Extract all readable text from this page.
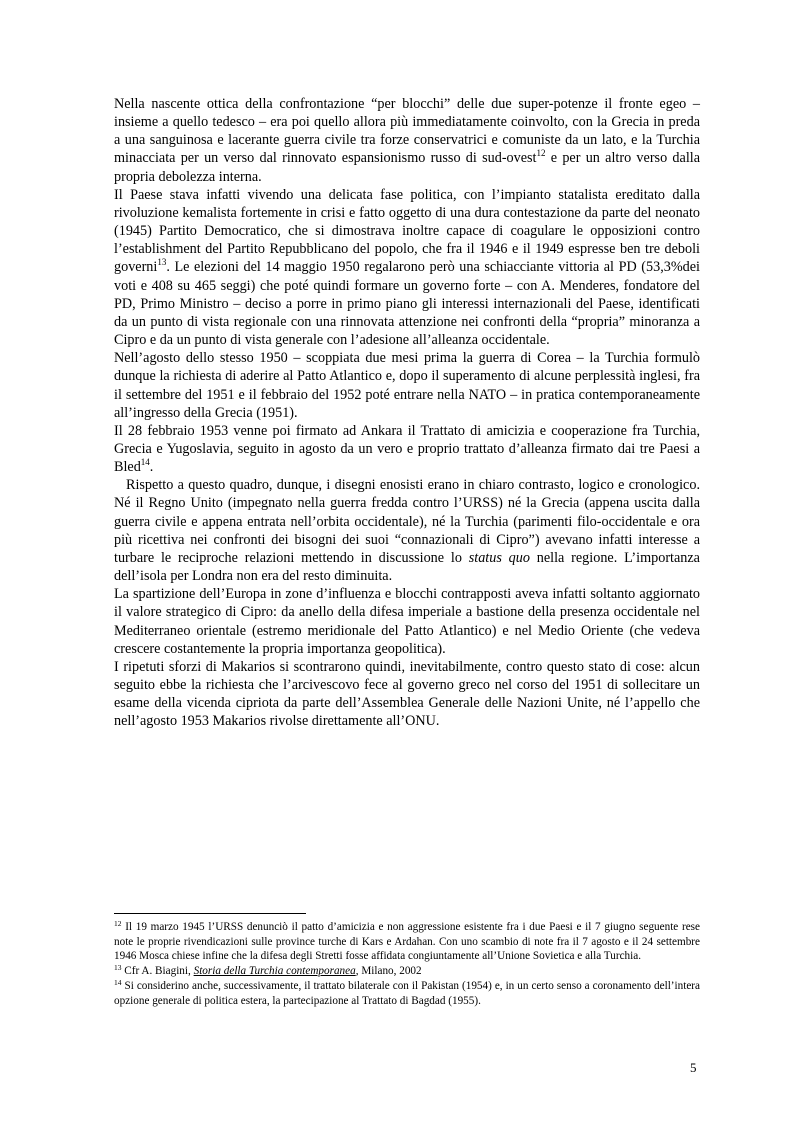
Nella nascente ottica della confrontazione “per blocchi” delle due super-potenze il fronte egeo – insieme a quello tedesco – era poi quello allora più immediatamente coinvolto, con la Grecia in preda a una sanguinosa e lacerante guerra civile tra forze conservatrici e comuniste da un lato, e la Turchia minacciata per un verso dal rinnovato espansionismo russo di sud-ovest$^{12}$ e per un altro verso dalla propria debolezza interna.

Il Paese stava infatti vivendo una delicata fase politica, con l’impianto statalista ereditato dalla rivoluzione kemalista fortemente in crisi e fatto oggetto di una dura contestazione da parte del neonato (1945) Partito Democratico, che si dimostrava inoltre capace di coagulare le opposizioni contro l’establishment del Partito Repubblicano del popolo, che fra il 1946 e il 1949 espresse ben tre deboli governi$^{13}$. Le elezioni del 14 maggio 1950 regalarono però una schiacciante vittoria al PD (53,3%dei voti e 408 su 465 seggi) che poté quindi formare un governo forte – con A. Menderes, fondatore del PD, Primo Ministro – deciso a porre in primo piano gli interessi internazionali del Paese, identificati da un punto di vista regionale con una rinnovata attenzione nei confronti della “propria” minoranza a Cipro e da un punto di vista generale con l’adesione all’alleanza occidentale.

Nell’agosto dello stesso 1950 – scoppiata due mesi prima la guerra di Corea – la Turchia formulò dunque la richiesta di aderire al Patto Atlantico e, dopo il superamento di alcune perplessità inglesi, fra il settembre del 1951 e il febbraio del 1952 poté entrare nella NATO – in pratica contemporaneamente all’ingresso della Grecia (1951).

Il 28 febbraio 1953 venne poi firmato ad Ankara il Trattato di amicizia e cooperazione fra Turchia, Grecia e Yugoslavia, seguito in agosto da un vero e proprio trattato d’alleanza firmato dai tre Paesi a Bled$^{14}$.

Rispetto a questo quadro, dunque, i disegni enosisti erano in chiaro contrasto, logico e cronologico. Né il Regno Unito (impegnato nella guerra fredda contro l’URSS) né la Grecia (appena uscita dalla guerra civile e appena entrata nell’orbita occidentale), né la Turchia (parimenti filo-occidentale e ora più ricettiva nei confronti dei bisogni dei suoi “connazionali di Cipro”) avevano infatti interesse a turbare le reciproche relazioni mettendo in discussione lo status quo nella regione. L’importanza dell’isola per Londra non era del resto diminuita.

La spartizione dell’Europa in zone d’influenza e blocchi contrapposti aveva infatti soltanto aggiornato il valore strategico di Cipro: da anello della difesa imperiale a bastione della presenza occidentale nel Mediterraneo orientale (estremo meridionale del Patto Atlantico) e nel Medio Oriente (che vedeva crescere costantemente la propria importanza geopolitica).

I ripetuti sforzi di Makarios si scontrarono quindi, inevitabilmente, contro questo stato di cose: alcun seguito ebbe la richiesta che l’arcivescovo fece al governo greco nel corso del 1951 di sollecitare un esame della vicenda cipriota da parte dell’Assemblea Generale delle Nazioni Unite, né l’appello che nell’agosto 1953 Makarios rivolse direttamente all’ONU.

$^{12}$ Il 19 marzo 1945 l’URSS denunciò il patto d’amicizia e non aggressione esistente fra i due Paesi e il 7 giugno seguente rese note le proprie rivendicazioni sulle province turche di Kars e Ardahan. Con uno scambio di note fra il 7 agosto e il 24 settembre 1946 Mosca chiese infine che la difesa degli Stretti fosse affidata congiuntamente all’Unione Sovietica e alla Turchia.

$^{13}$ Cfr A. Biagini, Storia della Turchia contemporanea, Milano, 2002

$^{14}$ Si considerino anche, successivamente, il trattato bilaterale con il Pakistan (1954) e, in un certo senso a coronamento dell’intera opzione generale di politica estera, la partecipazione al Trattato di Bagdad (1955).

5
